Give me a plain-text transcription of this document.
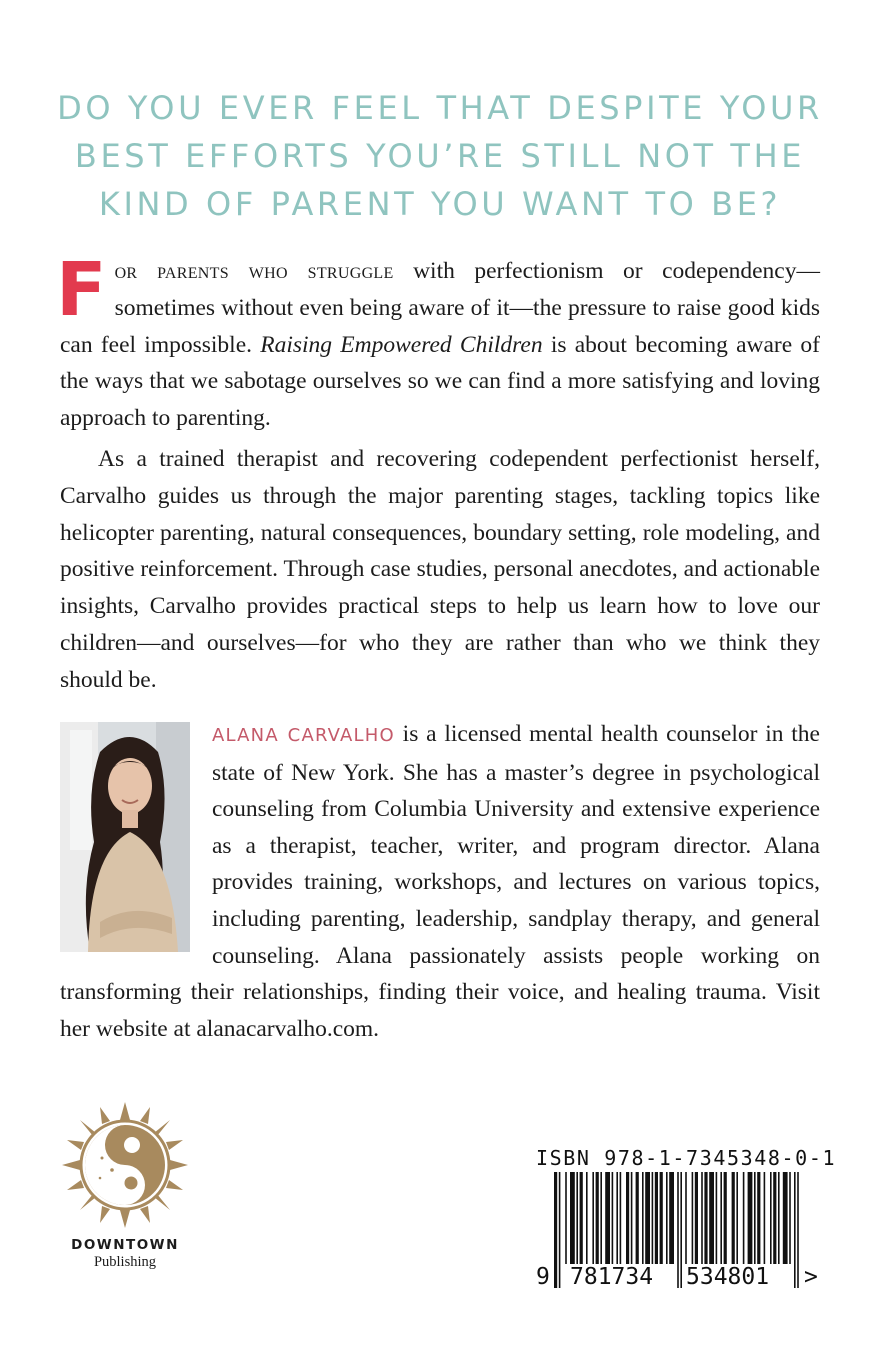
DO YOU EVER FEEL THAT DESPITE YOUR
BEST EFFORTS YOU’RE STILL NOT THE
KIND OF PARENT YOU WANT TO BE?

For parents who struggle with perfectionism or codependency—sometimes without even being aware of it—the pressure to raise good kids can feel impossible. Raising Empowered Children is about becoming aware of the ways that we sabotage ourselves so we can find a more satisfying and loving approach to parenting.

As a trained therapist and recovering codependent perfectionist herself, Carvalho guides us through the major parenting stages, tackling topics like helicopter parenting, natural consequences, boundary setting, role modeling, and positive reinforcement. Through case studies, personal anecdotes, and actionable insights, Carvalho provides practical steps to help us learn how to love our children—and ourselves—for who they are rather than who we think they should be.

ALANA CARVALHO is a licensed mental health counselor in the state of New York. She has a master’s degree in psychological counseling from Columbia University and extensive experience as a therapist, teacher, writer, and program director. Alana provides training, workshops, and lectures on various topics, including parenting, leadership, sandplay therapy, and general counseling. Alana passionately assists people working on transforming their relationships, finding their voice, and healing trauma. Visit her website at alanacarvalho.com.
DOWNTOWN
Publishing
ISBN 978-1-7345348-0-1
9 781734 534801 >
